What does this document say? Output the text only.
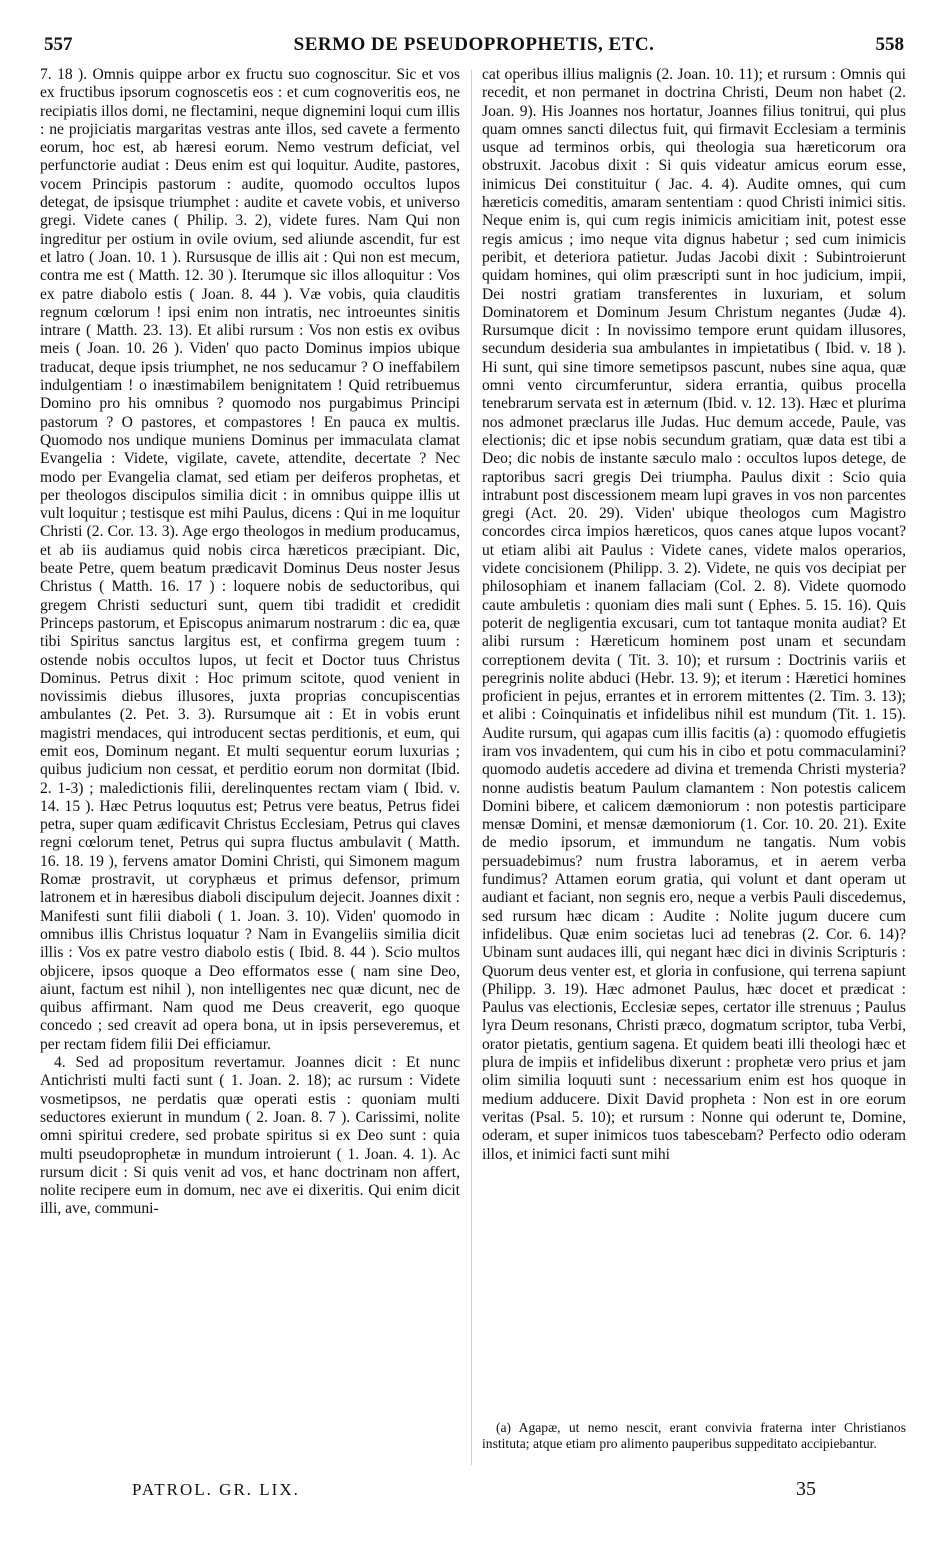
557	SERMO DE PSEUDOPROPHETIS, ETC.	558

7. 18 ). Omnis quippe arbor ex fructu suo cognoscitur. Sic et vos ex fructibus ipsorum cognoscetis eos : et cum cognoveritis eos, ne recipiatis illos domi, ne flectamini, neque dignemini loqui cum illis : ne projiciatis margaritas vestras ante illos, sed cavete a fermento eorum, hoc est, ab hæresi eorum. Nemo vestrum deficiat, vel perfunctorie audiat : Deus enim est qui loquitur. Audite, pastores, vocem Principis pastorum : audite, quomodo occultos lupos detegat, de ipsisque triumphet : audite et cavete vobis, et universo gregi. Videte canes ( Philip. 3. 2), videte fures. Nam Qui non ingreditur per ostium in ovile ovium, sed aliunde ascendit, fur est et latro ( Joan. 10. 1 ). Rursusque de illis ait : Qui non est mecum, contra me est ( Matth. 12. 30 ). Iterumque sic illos alloquitur : Vos ex patre diabolo estis ( Joan. 8. 44 ). Væ vobis, quia clauditis regnum cœlorum ! ipsi enim non intratis, nec introeuntes sinitis intrare ( Matth. 23. 13). Et alibi rursum : Vos non estis ex ovibus meis ( Joan. 10. 26 ). Viden' quo pacto Dominus impios ubique traducat, deque ipsis triumphet, ne nos seducamur ? O ineffabilem indulgentiam ! o inæstimabilem benignitatem ! Quid retribuemus Domino pro his omnibus ? quomodo nos purgabimus Principi pastorum ? O pastores, et compastores ! En pauca ex multis. Quomodo nos undique muniens Dominus per immaculata clamat Evangelia : Videte, vigilate, cavete, attendite, decertate ? Nec modo per Evangelia clamat, sed etiam per deiferos prophetas, et per theologos discipulos similia dicit : in omnibus quippe illis ut vult loquitur ; testisque est mihi Paulus, dicens : Qui in me loquitur Christi (2. Cor. 13. 3). Age ergo theologos in medium producamus, et ab iis audiamus quid nobis circa hæreticos præcipiant. Dic, beate Petre, quem beatum prædicavit Dominus Deus noster Jesus Christus ( Matth. 16. 17 ) : loquere nobis de seductoribus, qui gregem Christi seducturi sunt, quem tibi tradidit et credidit Princeps pastorum, et Episcopus animarum nostrarum : dic ea, quæ tibi Spiritus sanctus largitus est, et confirma gregem tuum : ostende nobis occultos lupos, ut fecit et Doctor tuus Christus Dominus. Petrus dixit : Hoc primum scitote, quod venient in novissimis diebus illusores, juxta proprias concupiscentias ambulantes (2. Pet. 3. 3). Rursumque ait : Et in vobis erunt magistri mendaces, qui introducent sectas perditionis, et eum, qui emit eos, Dominum negant. Et multi sequentur eorum luxurias ; quibus judicium non cessat, et perditio eorum non dormitat (Ibid. 2. 1-3) ; maledictionis filii, derelinquentes rectam viam ( Ibid. v. 14. 15 ). Hæc Petrus loquutus est; Petrus vere beatus, Petrus fidei petra, super quam ædificavit Christus Ecclesiam, Petrus qui claves regni cœlorum tenet, Petrus qui supra fluctus ambulavit ( Matth. 16. 18. 19 ), fervens amator Domini Christi, qui Simonem magum Romæ prostravit, ut coryphæus et primus defensor, primum latronem et in hæresibus diaboli discipulum dejecit. Joannes dixit : Manifesti sunt filii diaboli ( 1. Joan. 3. 10). Viden' quomodo in omnibus illis Christus loquatur ? Nam in Evangeliis similia dicit illis : Vos ex patre vestro diabolo estis ( Ibid. 8. 44 ). Scio multos objicere, ipsos quoque a Deo efformatos esse ( nam sine Deo, aiunt, factum est nihil ), non intelligentes nec quæ dicunt, nec de quibus affirmant. Nam quod me Deus creaverit, ego quoque concedo ; sed creavit ad opera bona, ut in ipsis perseveremus, et per rectam fidem filii Dei efficiamur.

4. Sed ad propositum revertamur. Joannes dicit : Et nunc Antichristi multi facti sunt ( 1. Joan. 2. 18); ac rursum : Videte vosmetipsos, ne perdatis quæ operati estis : quoniam multi seductores exierunt in mundum ( 2. Joan. 8. 7 ). Carissimi, nolite omni spiritui credere, sed probate spiritus si ex Deo sunt : quia multi pseudoprophetæ in mundum introierunt ( 1. Joan. 4. 1). Ac rursum dicit : Si quis venit ad vos, et hanc doctrinam non affert, nolite recipere eum in domum, nec ave ei dixeritis. Qui enim dicit illi, ave, communi-

cat operibus illius malignis (2. Joan. 10. 11); et rursum : Omnis qui recedit, et non permanet in doctrina Christi, Deum non habet (2. Joan. 9). His Joannes nos hortatur, Joannes filius tonitrui, qui plus quam omnes sancti dilectus fuit, qui firmavit Ecclesiam a terminis usque ad terminos orbis, qui theologia sua hæreticorum ora obstruxit. Jacobus dixit : Si quis videatur amicus eorum esse, inimicus Dei constituitur ( Jac. 4. 4). Audite omnes, qui cum hæreticis comeditis, amaram sententiam : quod Christi inimici sitis. Neque enim is, qui cum regis inimicis amicitiam init, potest esse regis amicus ; imo neque vita dignus habetur ; sed cum inimicis peribit, et deteriora patietur. Judas Jacobi dixit : Subintroierunt quidam homines, qui olim præscripti sunt in hoc judicium, impii, Dei nostri gratiam transferentes in luxuriam, et solum Dominatorem et Dominum Jesum Christum negantes (Judæ 4). Rursumque dicit : In novissimo tempore erunt quidam illusores, secundum desideria sua ambulantes in impietatibus ( Ibid. v. 18 ). Hi sunt, qui sine timore semetipsos pascunt, nubes sine aqua, quæ omni vento circumferuntur, sidera errantia, quibus procella tenebrarum servata est in æternum (Ibid. v. 12. 13). Hæc et plurima nos admonet præclarus ille Judas. Huc demum accede, Paule, vas electionis; dic et ipse nobis secundum gratiam, quæ data est tibi a Deo; dic nobis de instante sæculo malo : occultos lupos detege, de raptoribus sacri gregis Dei triumpha. Paulus dixit : Scio quia intrabunt post discessionem meam lupi graves in vos non parcentes gregi (Act. 20. 29). Viden' ubique theologos cum Magistro concordes circa impios hæreticos, quos canes atque lupos vocant? ut etiam alibi ait Paulus : Videte canes, videte malos operarios, videte concisionem (Philipp. 3. 2). Videte, ne quis vos decipiat per philosophiam et inanem fallaciam (Col. 2. 8). Videte quomodo caute ambuletis : quoniam dies mali sunt ( Ephes. 5. 15. 16). Quis poterit de negligentia excusari, cum tot tantaque monita audiat? Et alibi rursum : Hæreticum hominem post unam et secundam correptionem devita ( Tit. 3. 10); et rursum : Doctrinis variis et peregrinis nolite abduci (Hebr. 13. 9); et iterum : Hæretici homines proficient in pejus, errantes et in errorem mittentes (2. Tim. 3. 13); et alibi : Coinquinatis et infidelibus nihil est mundum (Tit. 1. 15). Audite rursum, qui agapas cum illis facitis (a) : quomodo effugietis iram vos invadentem, qui cum his in cibo et potu commaculamini? quomodo audetis accedere ad divina et tremenda Christi mysteria? nonne audistis beatum Paulum clamantem : Non potestis calicem Domini bibere, et calicem dæmoniorum : non potestis participare mensæ Domini, et mensæ dæmoniorum (1. Cor. 10. 20. 21). Exite de medio ipsorum, et immundum ne tangatis. Num vobis persuadebimus? num frustra laboramus, et in aerem verba fundimus? Attamen eorum gratia, qui volunt et dant operam ut audiant et faciant, non segnis ero, neque a verbis Pauli discedemus, sed rursum hæc dicam : Audite : Nolite jugum ducere cum infidelibus. Quæ enim societas luci ad tenebras (2. Cor. 6. 14)? Ubinam sunt audaces illi, qui negant hæc dici in divinis Scripturis : Quorum deus venter est, et gloria in confusione, qui terrena sapiunt (Philipp. 3. 19). Hæc admonet Paulus, hæc docet et prædicat : Paulus vas electionis, Ecclesiæ sepes, certator ille strenuus ; Paulus lyra Deum resonans, Christi præco, dogmatum scriptor, tuba Verbi, orator pietatis, gentium sagena. Et quidem beati illi theologi hæc et plura de impiis et infidelibus dixerunt : prophetæ vero prius et jam olim similia loquuti sunt : necessarium enim est hos quoque in medium adducere. Dixit David propheta : Non est in ore eorum veritas (Psal. 5. 10); et rursum : Nonne qui oderunt te, Domine, oderam, et super inimicos tuos tabescebam? Perfecto odio oderam illos, et inimici facti sunt mihi

(a) Agapæ, ut nemo nescit, erant convivia fraterna inter Christianos instituta; atque etiam pro alimento pauperibus suppeditato accipiebantur.

PATROL. GR. LIX.	35
